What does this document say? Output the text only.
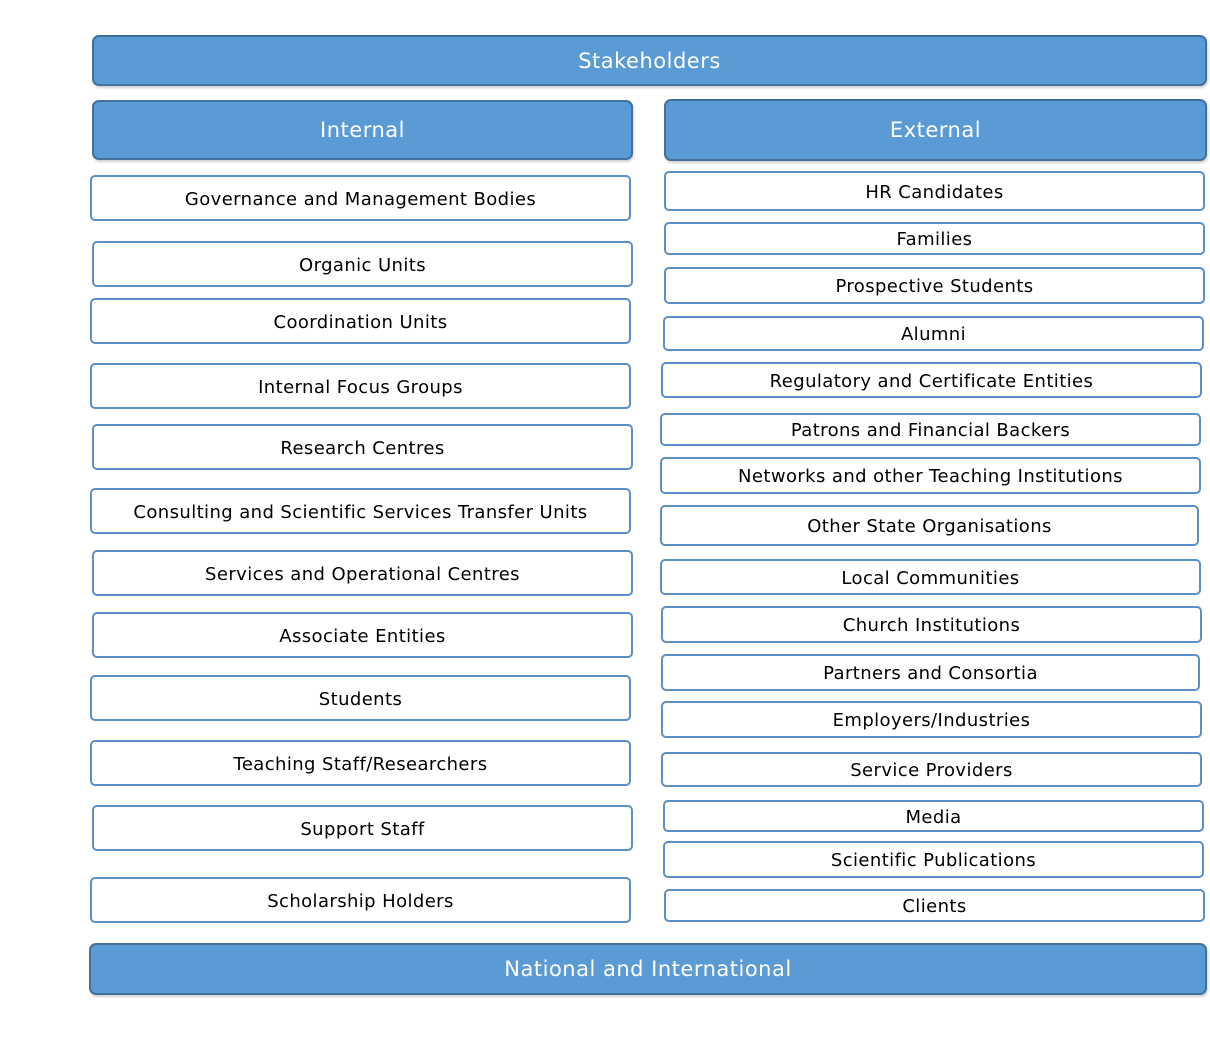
Stakeholders
Internal	External
Governance and Management Bodies
Organic Units
Coordination Units
Internal Focus Groups
Research Centres
Consulting and Scientific Services Transfer Units
Services and Operational Centres
Associate Entities
Students
Teaching Staff/Researchers
Support Staff
Scholarship Holders
HR Candidates
Families
Prospective Students
Alumni
Regulatory and Certificate Entities
Patrons and Financial Backers
Networks and other Teaching Institutions
Other State Organisations
Local Communities
Church Institutions
Partners and Consortia
Employers/Industries
Service Providers
Media
Scientific Publications
Clients
National and International
